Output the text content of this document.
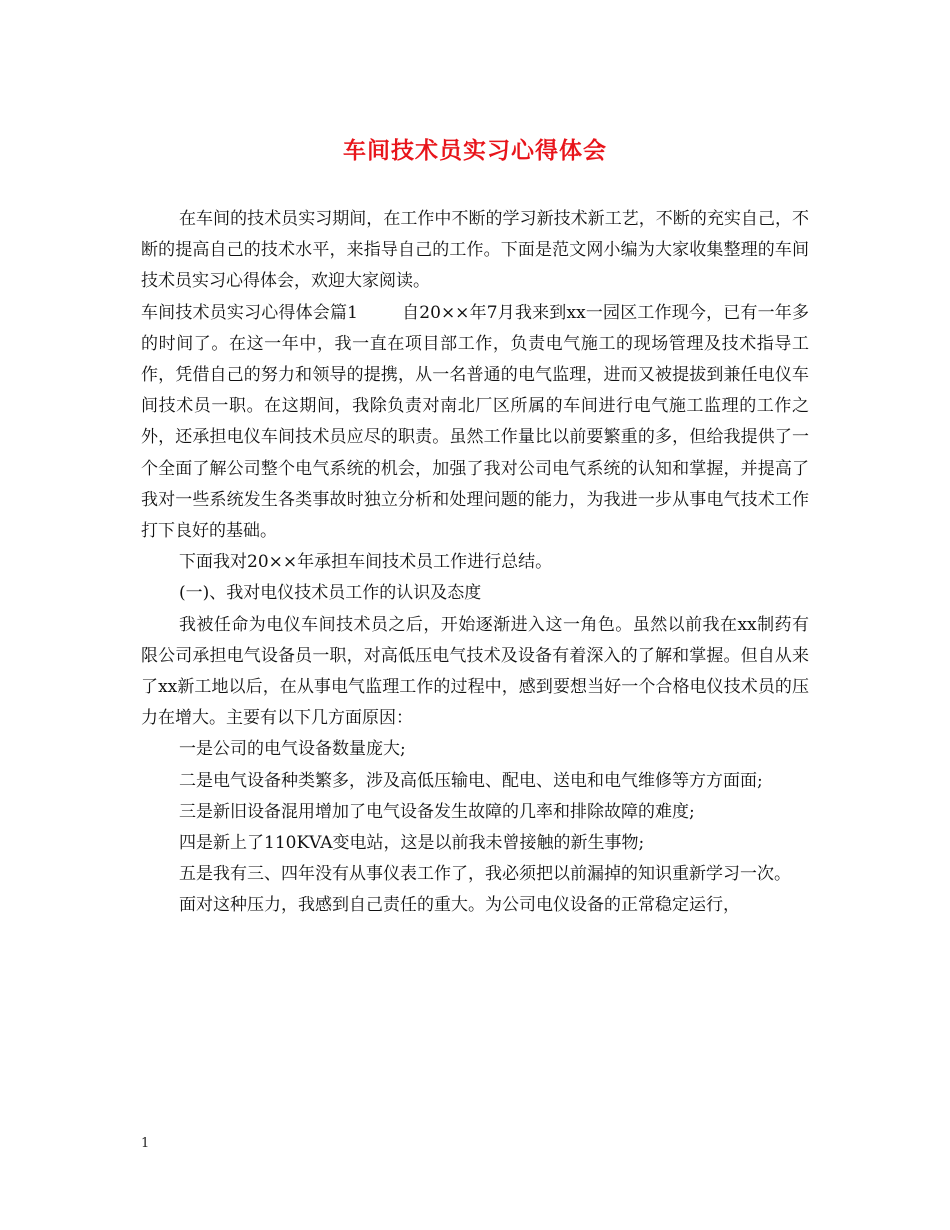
车间技术员实习心得体会

在车间的技术员实习期间，在工作中不断的学习新技术新工艺，不断的充实自己，不断的提高自己的技术水平，来指导自己的工作。下面是范文网小编为大家收集整理的车间技术员实习心得体会，欢迎大家阅读。

车间技术员实习心得体会篇1	自20××年7月我来到xx一园区工作现今，已有一年多的时间了。在这一年中，我一直在项目部工作，负责电气施工的现场管理及技术指导工作，凭借自己的努力和领导的提携，从一名普通的电气监理，进而又被提拔到兼任电仪车间技术员一职。在这期间，我除负责对南北厂区所属的车间进行电气施工监理的工作之外，还承担电仪车间技术员应尽的职责。虽然工作量比以前要繁重的多，但给我提供了一个全面了解公司整个电气系统的机会，加强了我对公司电气系统的认知和掌握，并提高了我对一些系统发生各类事故时独立分析和处理问题的能力，为我进一步从事电气技术工作打下良好的基础。

下面我对20××年承担车间技术员工作进行总结。

(一)、我对电仪技术员工作的认识及态度

我被任命为电仪车间技术员之后，开始逐渐进入这一角色。虽然以前我在xx制药有限公司承担电气设备员一职，对高低压电气技术及设备有着深入的了解和掌握。但自从来了xx新工地以后，在从事电气监理工作的过程中，感到要想当好一个合格电仪技术员的压力在增大。主要有以下几方面原因：

一是公司的电气设备数量庞大;

二是电气设备种类繁多，涉及高低压输电、配电、送电和电气维修等方方面面;

三是新旧设备混用增加了电气设备发生故障的几率和排除故障的难度;

四是新上了110KVA变电站，这是以前我未曾接触的新生事物;

五是我有三、四年没有从事仪表工作了，我必须把以前漏掉的知识重新学习一次。

面对这种压力，我感到自己责任的重大。为公司电仪设备的正常稳定运行，

1
